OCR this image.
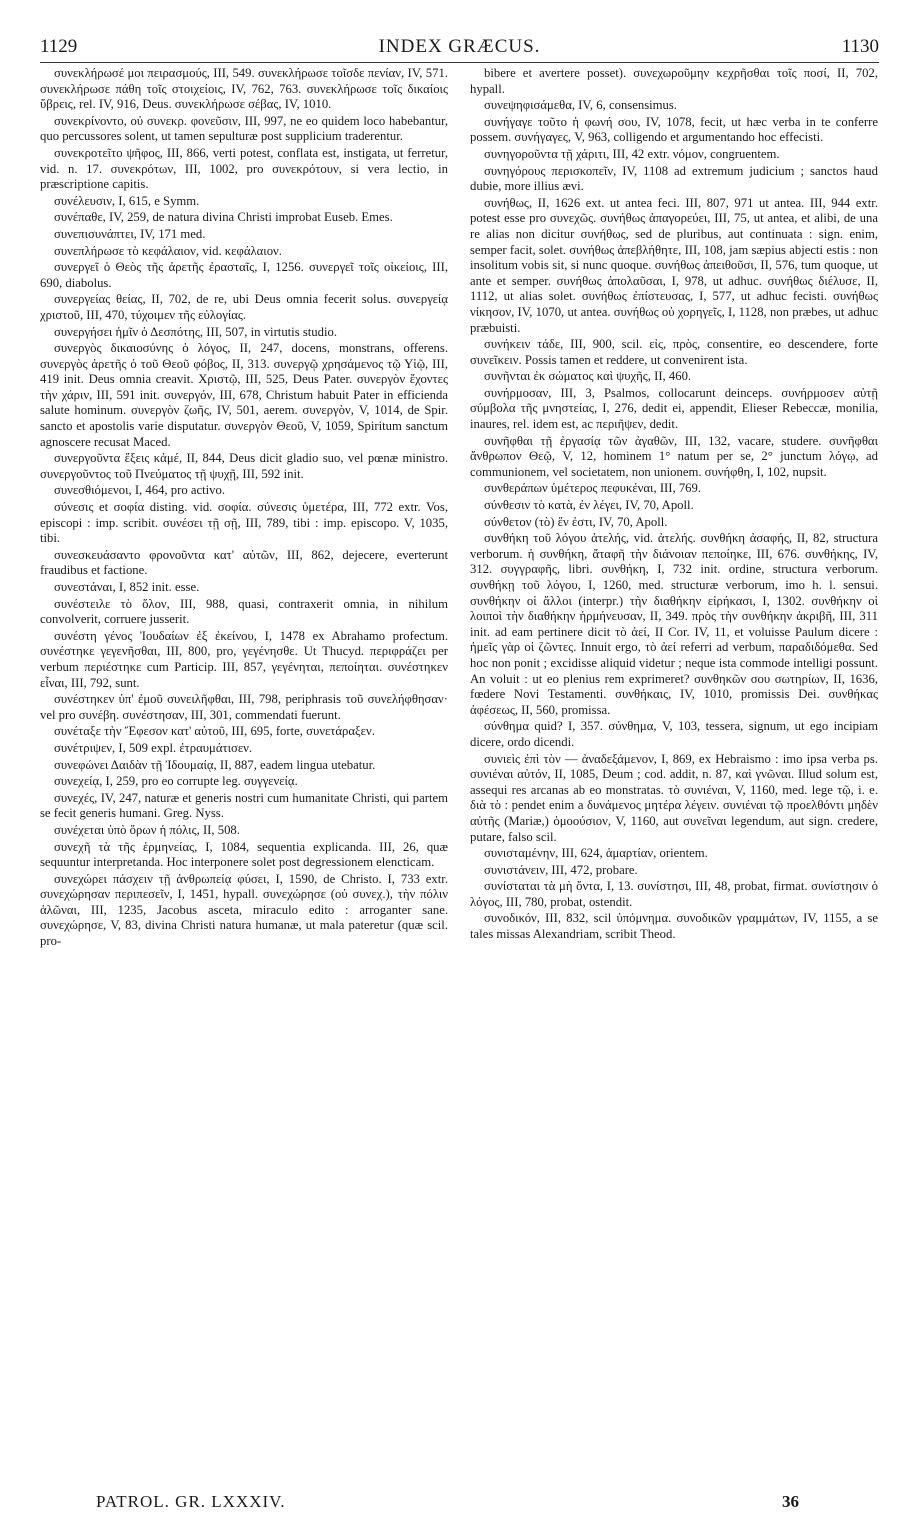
1129	INDEX GRÆCUS.	1130

συνεκλήρωσέ μοι πειρασμούς, III, 549. συνεκλήρωσε τοῖσδε πενίαν, IV, 571. συνεκλήρωσε πάθη τοῖς στοιχείοις, IV, 762, 763. συνεκλήρωσε τοῖς δικαίοις ὕβρεις, rel. IV, 916, Deus. συνεκλήρωσε σέβας, IV, 1010.

συνεκρίνοντο, οὐ συνεκρ. φονεῦσιν, III, 997, ne eo quidem loco habebantur, quo percussores solent, ut tamen sepulturæ post supplicium traderentur.

συνεκροτεῖτο ψῆφος, III, 866, verti potest, conflata est, instigata, ut ferretur, vid. n. 17. συνεκρότων, III, 1002, pro συνεκρότουν, si vera lectio, in præscriptione capitis.

συνέλευσιν, I, 615, e Symm.

συνέπαθε, IV, 259, de natura divina Christi improbat Euseb. Emes.

συνεπισυνάπτει, IV, 171 med.

συνεπλήρωσε τὸ κεφάλαιον, vid. κεφάλαιον.

συνεργεῖ ὁ Θεὸς τῆς ἀρετῆς ἐρασταῖς, I, 1256. συνεργεῖ τοῖς οἰκείοις, III, 690, diabolus.

συνεργείας θείας, II, 702, de re, ubi Deus omnia fecerit solus. συνεργείᾳ χριστοῦ, III, 470, τύχοιμεν τῆς εὐλογίας.

συνεργήσει ἡμῖν ὁ Δεσπότης, III, 507, in virtutis studio.

συνεργὸς δικαιοσύνης ὁ λόγος, II, 247, docens, monstrans, offerens. συνεργὸς ἀρετῆς ὁ τοῦ Θεοῦ φόβος, II, 313. συνεργῷ χρησάμενος τῷ Υἱῷ, III, 419 init. Deus omnia creavit. Χριστῷ, III, 525, Deus Pater. συνεργὸν ἔχοντες τὴν χάριν, III, 591 init. συνεργόν, III, 678, Christum habuit Pater in efficienda salute hominum. συνεργὸν ζωῆς, IV, 501, aerem. συνεργὸν, V, 1014, de Spir. sancto et apostolis varie disputatur. συνεργὸν Θεοῦ, V, 1059, Spiritum sanctum agnoscere recusat Maced.

συνεργοῦντα ἕξεις κἀμέ, II, 844, Deus dicit gladio suo, vel pœnæ ministro. συνεργοῦντος τοῦ Πνεύματος τῇ ψυχῇ, III, 592 init.

συνεσθιόμενοι, I, 464, pro activo.

σύνεσις et σοφία disting. vid. σοφία. σύνεσις ὑμετέρα, III, 772 extr. Vos, episcopi : imp. scribit. συνέσει τῇ σῇ, III, 789, tibi : imp. episcopo. V, 1035, tibi.

συνεσκευάσαντο φρονοῦντα κατ' αὐτῶν, III, 862, dejecere, everterunt fraudibus et factione.

συνεστάναι, I, 852 init. esse.

συνέστειλε τὸ ὅλον, III, 988, quasi, contraxerit omnia, in nihilum convolverit, corruere jusserit.

συνέστη γένος Ἰουδαίων ἐξ ἐκείνου, I, 1478 ex Abrahamo profectum. συνέστηκε γεγενῆσθαι, III, 800, pro, γεγένησθε. Ut Thucyd. περιφράζει per verbum περιέστηκε cum Particip. III, 857, γεγένηται, πεποίηται. συνέστηκεν εἶναι, III, 792, sunt.

συνέστηκεν ὑπ' ἐμοῦ συνειλῆφθαι, III, 798, periphrasis τοῦ συνελήφθησαν· vel pro συνέβη. συνέστησαν, III, 301, commendati fuerunt.

συνέταξε τὴν Ἔφεσον κατ' αὐτοῦ, III, 695, forte, συνετάραξεν.

συνέτριψεν, I, 509 expl. ἐτραυμάτισεν.

συνεφώνει Δαιδὰν τῇ Ἰδουμαίᾳ, II, 887, eadem lingua utebatur.

συνεχείᾳ, I, 259, pro eo corrupte leg. συγγενείᾳ.

συνεχές, IV, 247, naturæ et generis nostri cum humanitate Christi, qui partem se fecit generis humani. Greg. Nyss.

συνέχεται ὑπὸ ὅρων ἡ πόλις, II, 508.

συνεχῆ τὰ τῆς ἑρμηνείας, I, 1084, sequentia explicanda. III, 26, quæ sequuntur interpretanda. Hoc interponere solet post degressionem elencticam.

συνεχώρει πάσχειν τῇ ἀνθρωπείᾳ φύσει, I, 1590, de Christo. I, 733 extr. συνεχώρησαν περιπεσεῖν, I, 1451, hypall. συνεχώρησε (οὐ συνεχ.), τὴν πόλιν ἁλῶναι, III, 1235, Jacobus asceta, miraculo edito : arroganter sane. συνεχώρησε, V, 83, divina Christi natura humanæ, ut mala pateretur (quæ scil. pro-

bibere et avertere posset). συνεχωροῦμην κεχρῆσθαι τοῖς ποσί, II, 702, hypall.

συνεψηφισάμεθα, IV, 6, consensimus.

συνήγαγε τοῦτο ἡ φωνή σου, IV, 1078, fecit, ut hæc verba in te conferre possem. συνήγαγες, V, 963, colligendo et argumentando hoc effecisti.

συνηγοροῦντα τῇ χάριτι, III, 42 extr. νόμον, congruentem.

συνηγόρους περισκοπεῖν, IV, 1108 ad extremum judicium ; sanctos haud dubie, more illius ævi.

συνήθως, II, 1626 ext. ut antea feci. III, 807, 971 ut antea. III, 944 extr. potest esse pro συνεχῶς. συνήθως ἀπαγορεύει, III, 75, ut antea, et alibi, de una re alias non dicitur συνήθως, sed de pluribus, aut continuata : sign. enim, semper facit, solet. συνήθως ἀπεβλήθητε, III, 108, jam sæpius abjecti estis : non insolitum vobis sit, si nunc quoque. συνήθως ἀπειθοῦσι, II, 576, tum quoque, ut ante et semper. συνήθως ἀπολαῦσαι, I, 978, ut adhuc. συνήθως διέλυσε, II, 1112, ut alias solet. συνήθως ἐπίστευσας, I, 577, ut adhuc fecisti. συνήθως νίκησον, IV, 1070, ut antea. συνήθως οὐ χορηγεῖς, I, 1128, non præbes, ut adhuc præbuisti.

συνήκειν τάδε, III, 900, scil. εἰς, πρὸς, consentire, eo descendere, forte συνεῖκειν. Possis tamen et reddere, ut convenirent ista.

συνῆνται ἐκ σώματος καὶ ψυχῆς, II, 460.

συνήρμοσαν, III, 3, Psalmos, collocarunt deinceps. συνήρμοσεν αὐτῇ σύμβολα τῆς μνηστείας, I, 276, dedit ei, appendit, Elieser Rebeccæ, monilia, inaures, rel. idem est, ac περιῆψεν, dedit.

συνῆφθαι τῇ ἐργασίᾳ τῶν ἀγαθῶν, III, 132, vacare, studere. συνῆφθαι ἄνθρωπον Θεῷ, V, 12, hominem 1° natum per se, 2° junctum λόγῳ, ad communionem, vel societatem, non unionem. συνήφθη, I, 102, nupsit.

συνθεράπων ὑμέτερος πεφυκέναι, III, 769.

σύνθεσιν τὸ κατὰ, ἐν λέγει, IV, 70, Apoll.

σύνθετον (τὸ) ἕν ἐστι, IV, 70, Apoll.

συνθήκη τοῦ λόγου ἀτελής, vid. ἀτελής. συνθήκη ἀσαφής, II, 82, structura verborum. ἡ συνθήκη, ἄταφῆ τὴν διάνοιαν πεποίηκε, III, 676. συνθήκης, IV, 312. συγγραφῆς, libri. συνθήκη, I, 732 init. ordine, structura verborum. συνθήκῃ τοῦ λόγου, I, 1260, med. structuræ verborum, imo h. l. sensui. συνθήκην οἱ ἄλλοι (interpr.) τὴν διαθήκην εἰρήκασι, I, 1302. συνθήκην οἱ λοιποὶ τὴν διαθήκην ἡρμήνευσαν, II, 349. πρὸς τὴν συνθήκην ἀκριβῆ, III, 311 init. ad eam pertinere dicit τὸ ἀεί, II Cor. IV, 11, et voluisse Paulum dicere : ἡμεῖς γὰρ οἱ ζῶντες. Innuit ergo, τὸ ἀεί referri ad verbum, παραδιδόμεθα. Sed hoc non ponit ; excidisse aliquid videtur ; neque ista commode intelligi possunt. An voluit : ut eo plenius rem exprimeret? συνθηκῶν σου σωτηρίων, II, 1636, fœdere Novi Testamenti. συνθήκαις, IV, 1010, promissis Dei. συνθήκας ἀφέσεως, II, 560, promissa.

σύνθημα quid? I, 357. σύνθημα, V, 103, tessera, signum, ut ego incipiam dicere, ordo dicendi.

συνιεὶς ἐπὶ τὸν — ἀναδεξάμενον, I, 869, ex Hebraismo : imo ipsa verba ps. συνιέναι αὐτόν, II, 1085, Deum ; cod. addit, n. 87, καὶ γνῶναι. Illud solum est, assequi res arcanas ab eo monstratas. τὸ συνιέναι, V, 1160, med. lege τῷ, i. e. διὰ τὸ : pendet enim a δυνάμενος μητέρα λέγειν. συνιέναι τῷ προελθόντι μηδὲν αὐτῆς (Mariæ,) ὁμοούσιον, V, 1160, aut συνεῖναι legendum, aut sign. credere, putare, falso scil.

συνισταμένην, III, 624, ἁμαρτίαν, orientem.

συνιστάνειν, III, 472, probare.

συνίσταται τὰ μὴ ὄντα, I, 13. συνίστησι, III, 48, probat, firmat. συνίστησιν ὁ λόγος, III, 780, probat, ostendit.

συνοδικόν, III, 832, scil ὑπόμνημα. συνοδικῶν γραμμάτων, IV, 1155, a se tales missas Alexandriam, scribit Theod.

PATROL. GR. LXXXIV.	36
